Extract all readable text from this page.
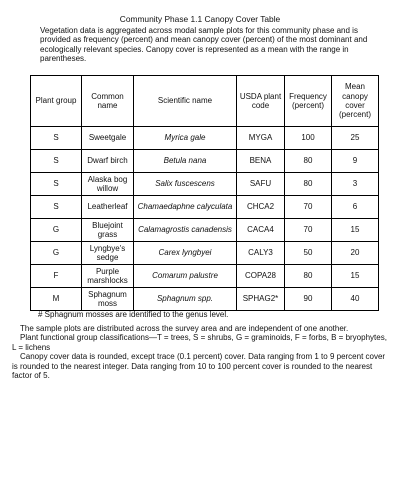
Community Phase 1.1 Canopy Cover Table

Vegetation data is aggregated across modal sample plots for this community phase and is provided as frequency (percent) and mean canopy cover (percent) of the most dominant and ecologically relevant species. Canopy cover is represented as a mean with the range in parentheses.

Plant group	Common name	Scientific name	USDA plant code	Frequency (percent)	Mean canopy cover (percent)
S	Sweetgale	Myrica gale	MYGA	100	25
S	Dwarf birch	Betula nana	BENA	80	9
S	Alaska bog willow	Salix fuscescens	SAFU	80	3
S	Leatherleaf	Chamaedaphne calyculata	CHCA2	70	6
G	Bluejoint grass	Calamagrostis canadensis	CACA4	70	15
G	Lyngbye's sedge	Carex lyngbyei	CALY3	50	20
F	Purple marshlocks	Comarum palustre	COPA28	80	15
M	Sphagnum moss	Sphagnum spp.	SPHAG2*	90	40
# Sphagnum mosses are identified to the genus level.

The sample plots are distributed across the survey area and are independent of one another.

Plant functional group classifications—T = trees, S = shrubs, G = graminoids, F = forbs, B = bryophytes, L = lichens

Canopy cover data is rounded, except trace (0.1 percent) cover. Data ranging from 1 to 9 percent cover is rounded to the nearest integer. Data ranging from 10 to 100 percent cover is rounded to the nearest factor of 5.
